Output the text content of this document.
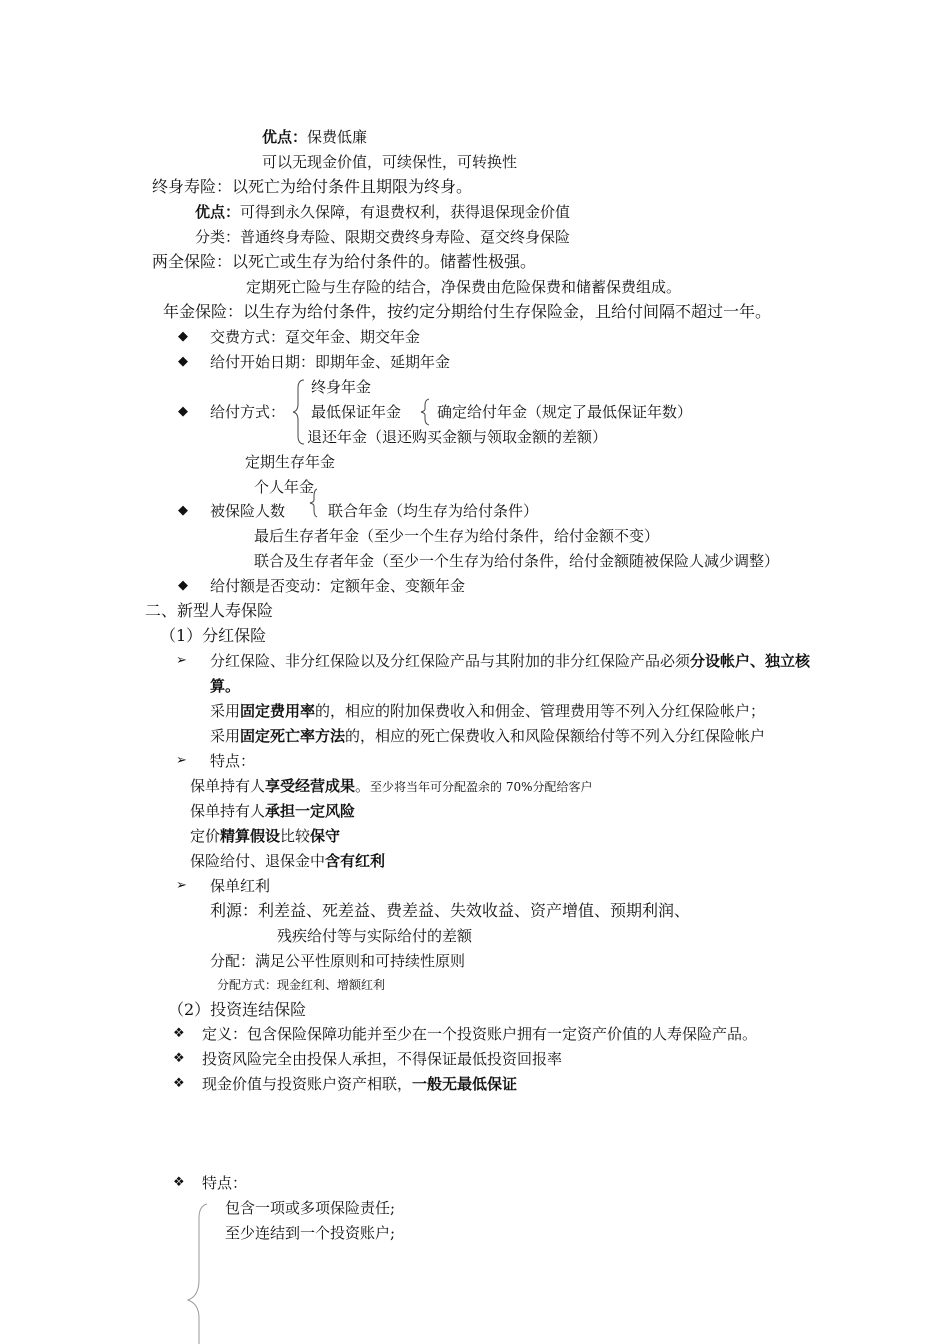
优点：保费低廉
可以无现金价值，可续保性，可转换性
终身寿险：以死亡为给付条件且期限为终身。
优点：可得到永久保障，有退费权利，获得退保现金价值
分类：普通终身寿险、限期交费终身寿险、趸交终身保险
两全保险：以死亡或生存为给付条件的。储蓄性极强。
定期死亡险与生存险的结合，净保费由危险保费和储蓄保费组成。
年金保险：以生存为给付条件，按约定分期给付生存保险金，且给付间隔不超过一年。
◆ 交费方式：趸交年金、期交年金
◆ 给付开始日期：即期年金、延期年金
终身年金
◆ 给付方式： 最低保证年金 确定给付年金（规定了最低保证年数）
退还年金（退还购买金额与领取金额的差额）
定期生存年金
个人年金
◆ 被保险人数	联合年金（均生存为给付条件）
最后生存者年金（至少一个生存为给付条件，给付金额不变）
联合及生存者年金（至少一个生存为给付条件，给付金额随被保险人减少调整）
◆ 给付额是否变动：定额年金、变额年金
二、新型人寿保险
（1）分红保险
➢ 分红保险、非分红保险以及分红保险产品与其附加的非分红保险产品必须分设帐户、独立核
算。
采用固定费用率的，相应的附加保费收入和佣金、管理费用等不列入分红保险帐户；
采用固定死亡率方法的，相应的死亡保费收入和风险保额给付等不列入分红保险帐户
➢ 特点：
保单持有人享受经营成果。至少将当年可分配盈余的 70%分配给客户
保单持有人承担一定风险
定价精算假设比较保守
保险给付、退保金中含有红利
➢ 保单红利
利源：利差益、死差益、费差益、失效收益、资产增值、预期利润、
残疾给付等与实际给付的差额
分配：满足公平性原则和可持续性原则
分配方式：现金红利、增额红利
（2）投资连结保险
❖ 定义：包含保险保障功能并至少在一个投资账户拥有一定资产价值的人寿保险产品。
❖ 投资风险完全由投保人承担，不得保证最低投资回报率
❖ 现金价值与投资账户资产相联，一般无最低保证
❖ 特点：
包含一项或多项保险责任;
至少连结到一个投资账户;
